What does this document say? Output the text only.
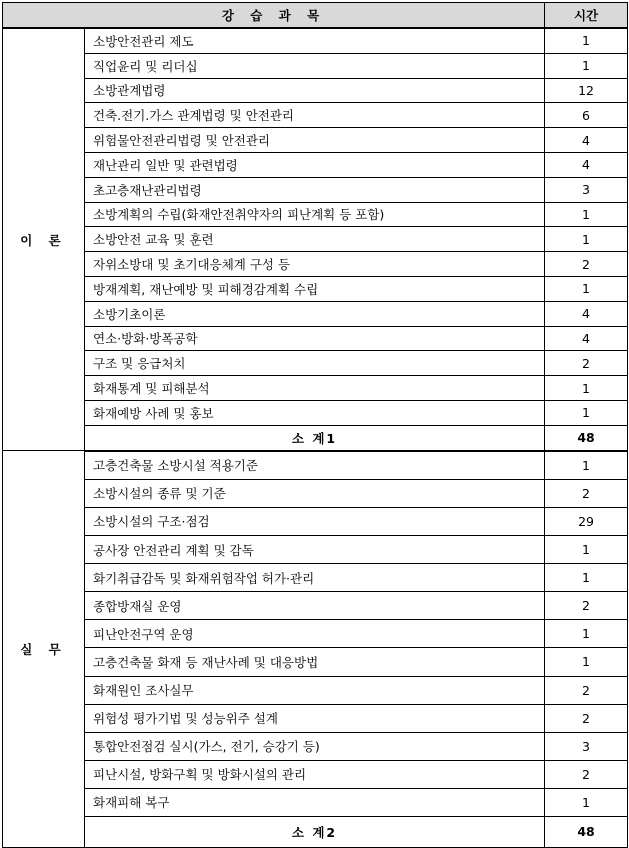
강 습 과 목		시간
이 론	소방안전관리 제도	1
	직업윤리 및 리더십	1
	소방관계법령	12
	건축.전기.가스 관계법령 및 안전관리	6
	위험물안전관리법령 및 안전관리	4
	재난관리 일반 및 관련법령	4
	초고층재난관리법령	3
	소방계획의 수립(화재안전취약자의 피난계획 등 포함)	1
	소방안전 교육 및 훈련	1
	자위소방대 및 초기대응체계 구성 등	2
	방재계획, 재난예방 및 피해경감계획 수립	1
	소방기초이론	4
	연소·방화·방폭공학	4
	구조 및 응급처치	2
	화재통계 및 피해분석	1
	화재예방 사례 및 홍보	1
	소 계1	48
실 무	고층건축물 소방시설 적용기준	1
	소방시설의 종류 및 기준	2
	소방시설의 구조·점검	29
	공사장 안전관리 계획 및 감독	1
	화기취급감독 및 화재위험작업 허가·관리	1
	종합방재실 운영	2
	피난안전구역 운영	1
	고층건축물 화재 등 재난사례 및 대응방법	1
	화재원인 조사실무	2
	위험성 평가기법 및 성능위주 설계	2
	통합안전점검 실시(가스, 전기, 승강기 등)	3
	피난시설, 방화구획 및 방화시설의 관리	2
	화재피해 복구	1
	소 계2	48
